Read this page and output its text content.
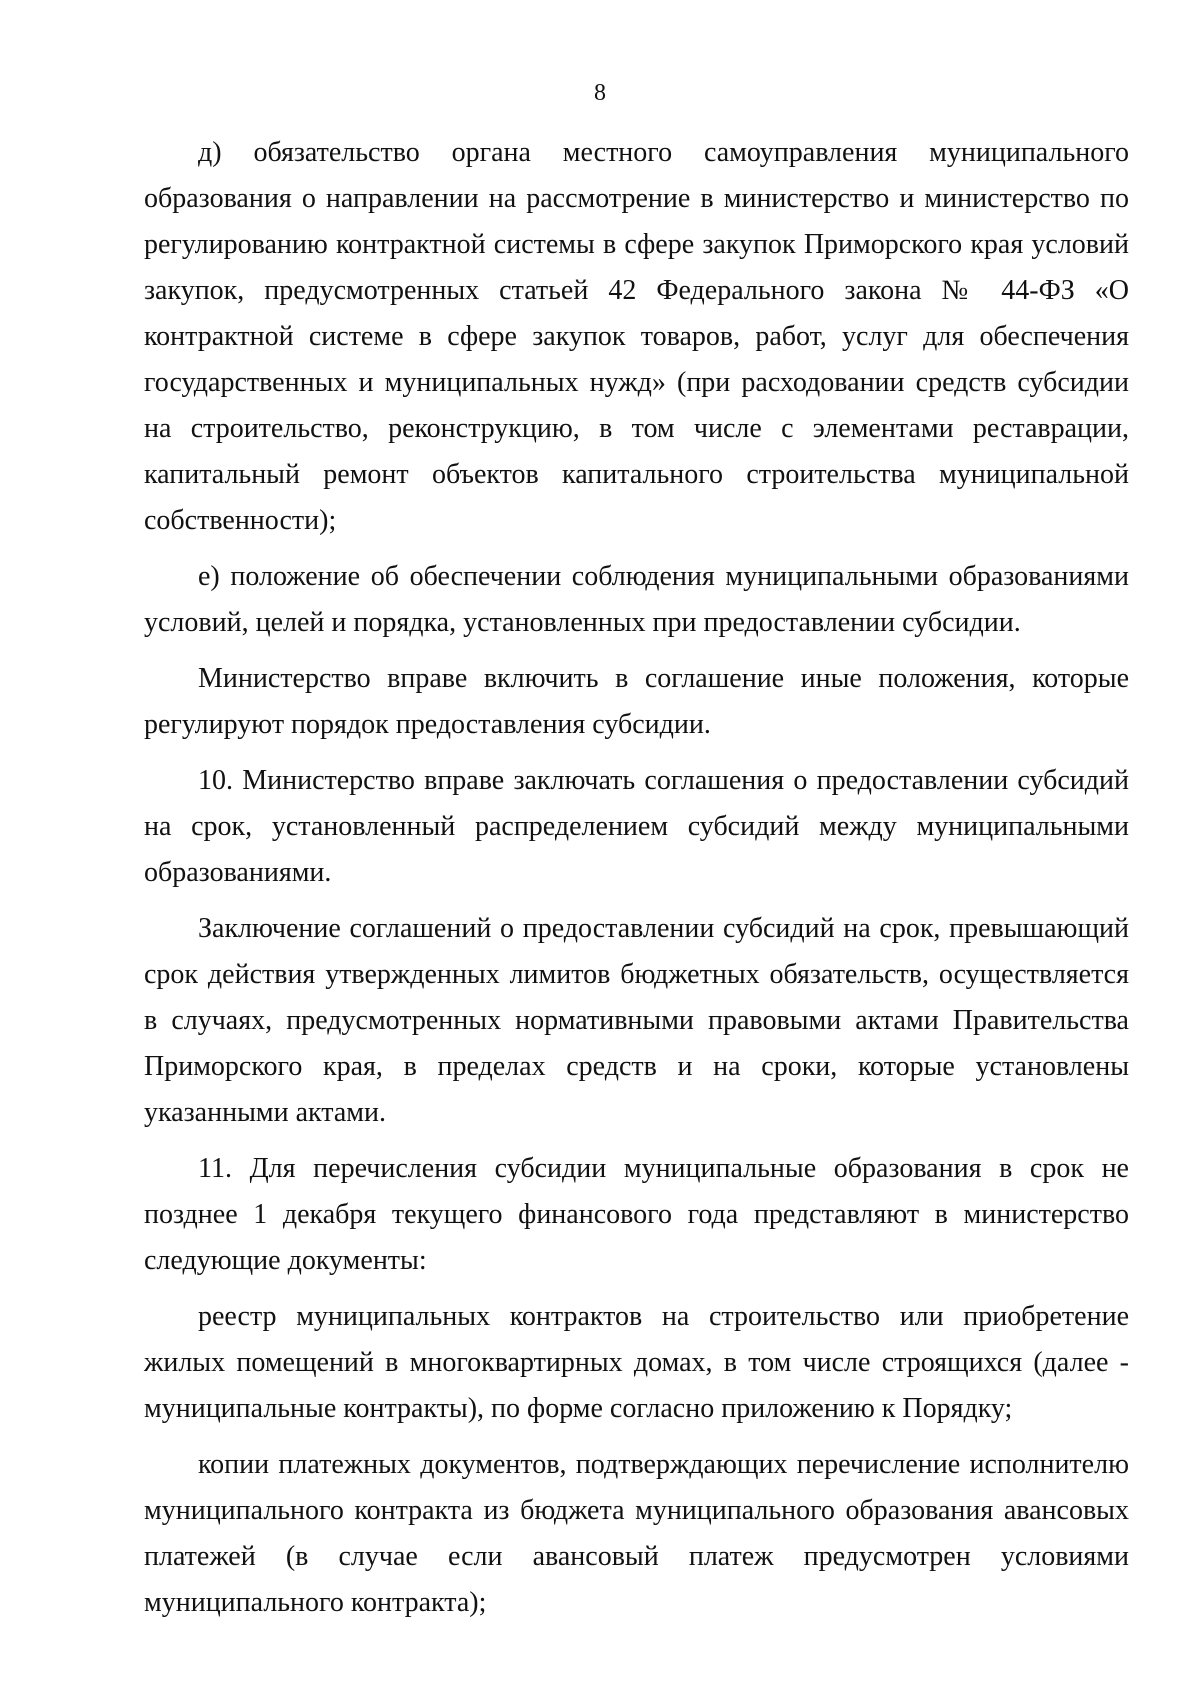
8

д) обязательство органа местного самоуправления муниципального образования о направлении на рассмотрение в министерство и министерство по регулированию контрактной системы в сфере закупок Приморского края условий закупок, предусмотренных статьей 42 Федерального закона № 44-ФЗ «О контрактной системе в сфере закупок товаров, работ, услуг для обеспечения государственных и муниципальных нужд» (при расходовании средств субсидии на строительство, реконструкцию, в том числе с элементами реставрации, капитальный ремонт объектов капитального строительства муниципальной собственности);

е) положение об обеспечении соблюдения муниципальными образованиями условий, целей и порядка, установленных при предоставлении субсидии.

Министерство вправе включить в соглашение иные положения, которые регулируют порядок предоставления субсидии.

10. Министерство вправе заключать соглашения о предоставлении субсидий на срок, установленный распределением субсидий между муниципальными образованиями.

Заключение соглашений о предоставлении субсидий на срок, превышающий срок действия утвержденных лимитов бюджетных обязательств, осуществляется в случаях, предусмотренных нормативными правовыми актами Правительства Приморского края, в пределах средств и на сроки, которые установлены указанными актами.

11. Для перечисления субсидии муниципальные образования в срок не позднее 1 декабря текущего финансового года представляют в министерство следующие документы:

реестр муниципальных контрактов на строительство или приобретение жилых помещений в многоквартирных домах, в том числе строящихся (далее - муниципальные контракты), по форме согласно приложению к Порядку;

копии платежных документов, подтверждающих перечисление исполнителю муниципального контракта из бюджета муниципального образования авансовых платежей (в случае если авансовый платеж предусмотрен условиями муниципального контракта);
